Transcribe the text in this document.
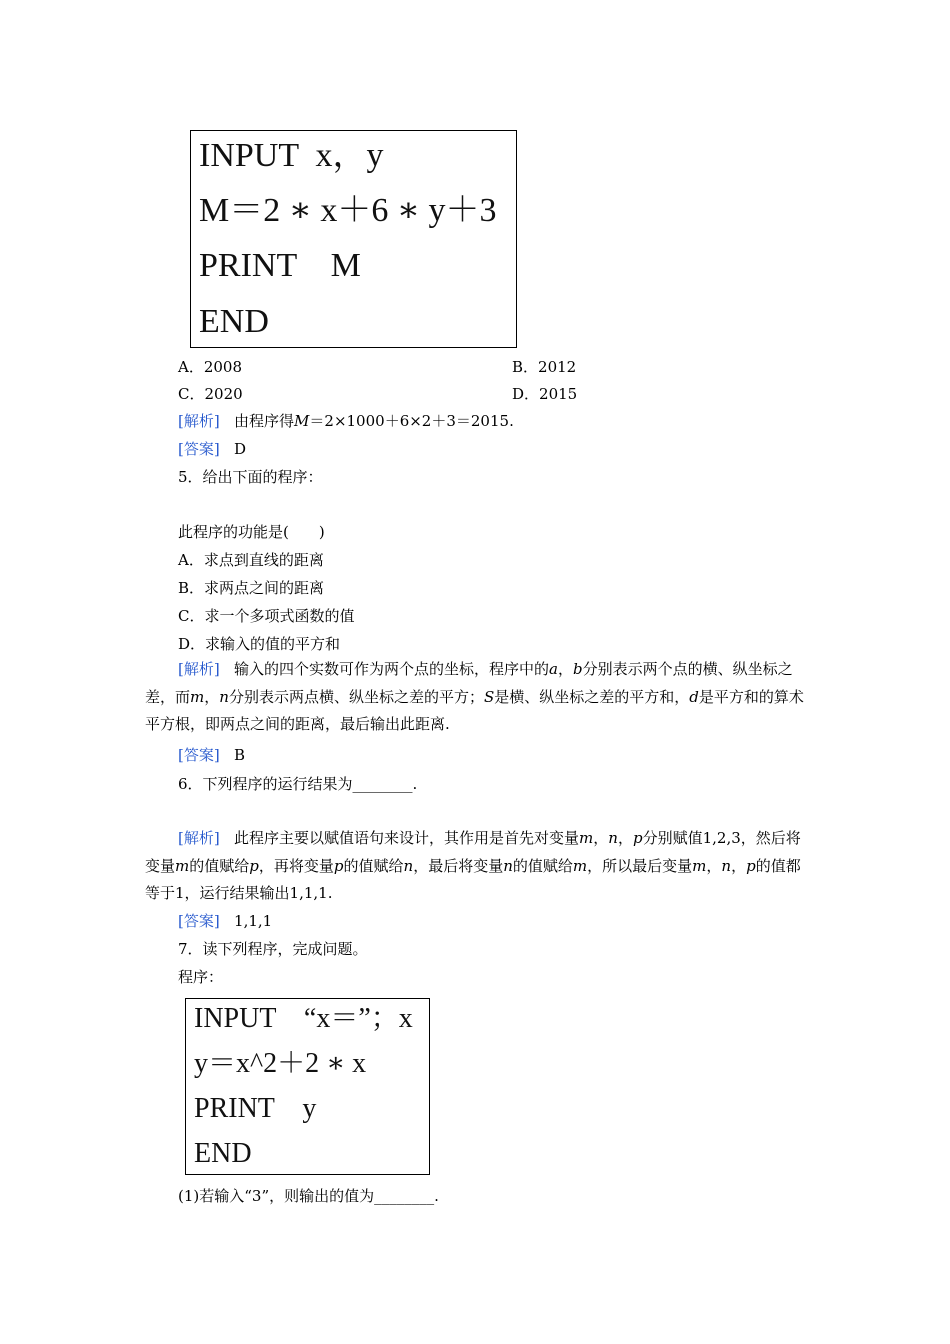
INPUT  x，y
M＝2 ∗ x＋6 ∗ y＋3
PRINT    M
END
A．2008	B．2012
C．2020	D．2015
[解析] 由程序得M＝2×1000＋6×2＋3＝2015.
[答案] D
5．给出下面的程序：
此程序的功能是(　　)
A．求点到直线的距离
B．求两点之间的距离
C．求一个多项式函数的值
D．求输入的值的平方和
[解析] 输入的四个实数可作为两个点的坐标，程序中的a，b分别表示两个点的横、纵坐标之差，而m，n分别表示两点横、纵坐标之差的平方；S是横、纵坐标之差的平方和，d是平方和的算术平方根，即两点之间的距离，最后输出此距离.
[答案] B
6．下列程序的运行结果为________.
[解析] 此程序主要以赋值语句来设计，其作用是首先对变量m，n，p分别赋值1,2,3，然后将变量m的值赋给p，再将变量p的值赋给n，最后将变量n的值赋给m，所以最后变量m，n，p的值都等于1，运行结果输出1,1,1.
[答案] 1,1,1
7．读下列程序，完成问题。
程序：
INPUT    “x＝”；x
y＝x^2＋2 ∗ x
PRINT    y
END
(1)若输入“3”，则输出的值为________.
